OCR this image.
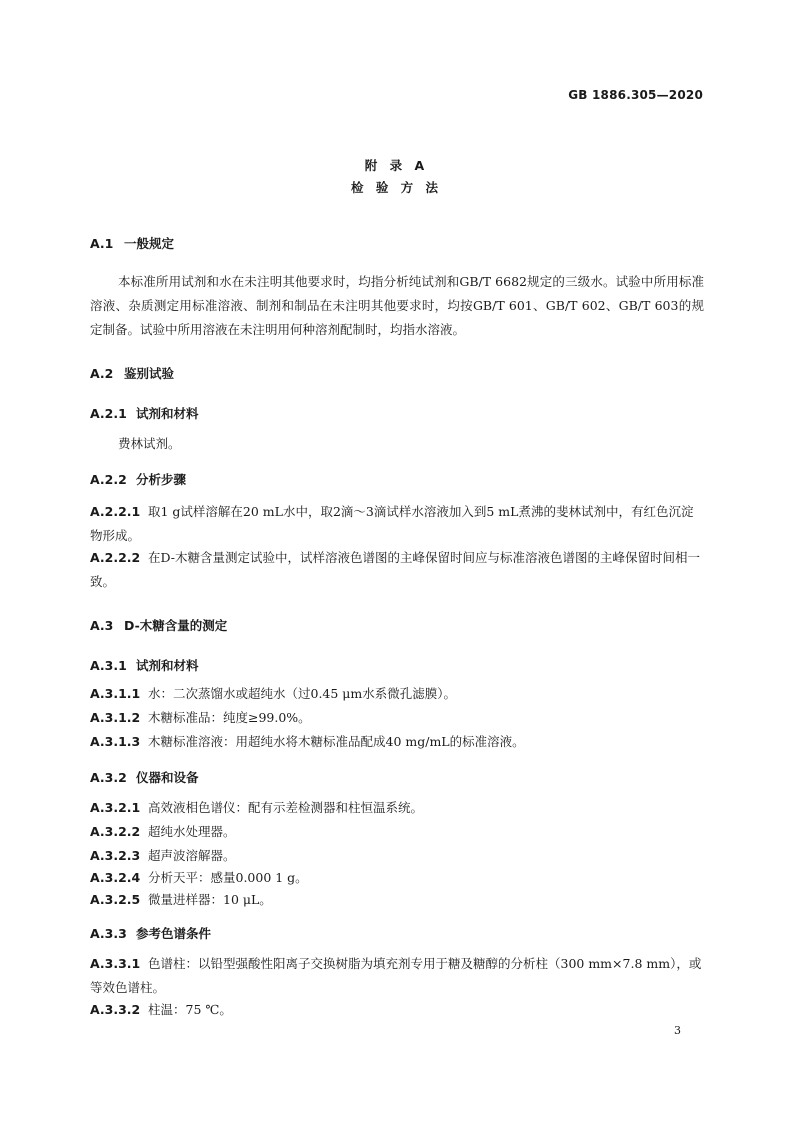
GB 1886.305—2020
附 录 A
检 验 方 法
A.1 一般规定
本标准所用试剂和水在未注明其他要求时，均指分析纯试剂和GB/T 6682规定的三级水。试验中所用标准溶液、杂质测定用标准溶液、制剂和制品在未注明其他要求时，均按GB/T 601、GB/T 602、GB/T 603的规定制备。试验中所用溶液在未注明用何种溶剂配制时，均指水溶液。
A.2 鉴别试验
A.2.1 试剂和材料
费林试剂。
A.2.2 分析步骤
A.2.2.1 取1 g试样溶解在20 mL水中，取2滴～3滴试样水溶液加入到5 mL煮沸的斐林试剂中，有红色沉淀物形成。
A.2.2.2 在D-木糖含量测定试验中，试样溶液色谱图的主峰保留时间应与标准溶液色谱图的主峰保留时间相一致。
A.3 D-木糖含量的测定
A.3.1 试剂和材料
A.3.1.1 水：二次蒸馏水或超纯水（过0.45 μm水系微孔滤膜）。
A.3.1.2 木糖标准品：纯度≥99.0%。
A.3.1.3 木糖标准溶液：用超纯水将木糖标准品配成40 mg/mL的标准溶液。
A.3.2 仪器和设备
A.3.2.1 高效液相色谱仪：配有示差检测器和柱恒温系统。
A.3.2.2 超纯水处理器。
A.3.2.3 超声波溶解器。
A.3.2.4 分析天平：感量0.000 1 g。
A.3.2.5 微量进样器：10 μL。
A.3.3 参考色谱条件
A.3.3.1 色谱柱：以铅型强酸性阳离子交换树脂为填充剂专用于糖及糖醇的分析柱（300 mm×7.8 mm），或等效色谱柱。
A.3.3.2 柱温：75 ℃。
3
